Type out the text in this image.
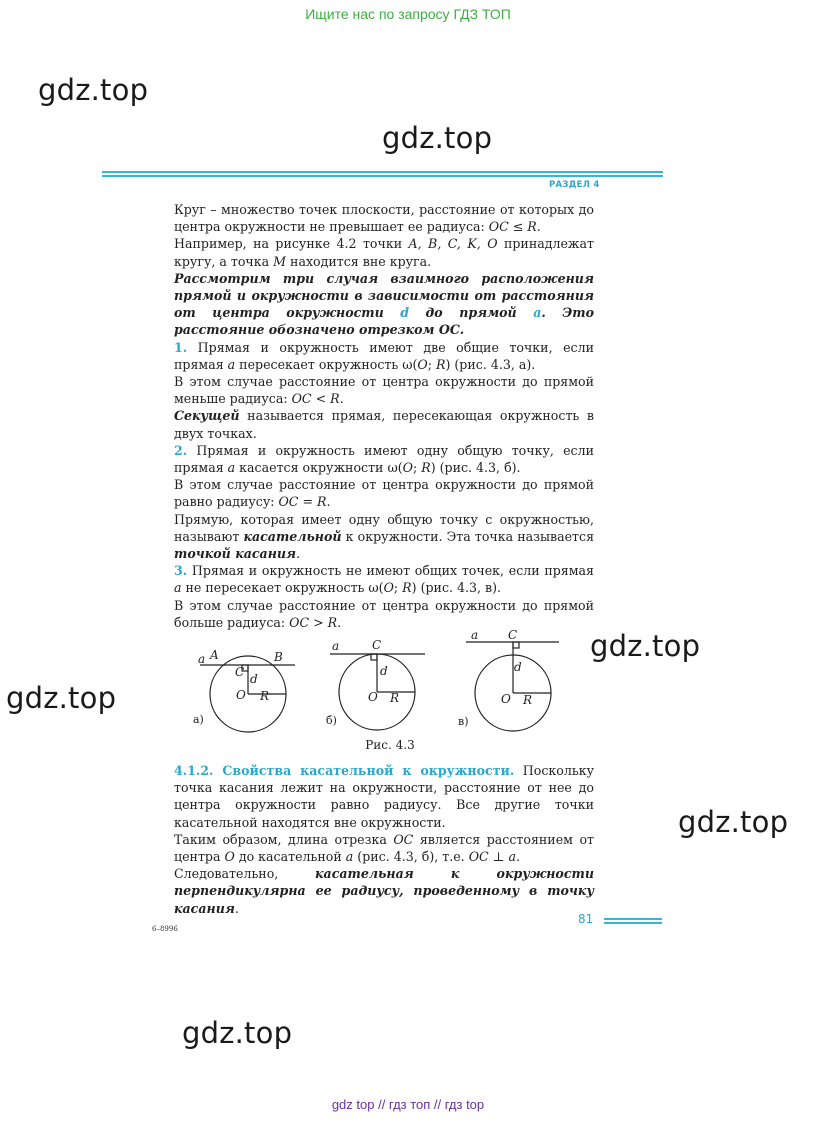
Ищите нас по запросу ГДЗ ТОП
gdz.top
gdz.top
gdz.top
gdz.top
gdz.top
gdz.top
РАЗДЕЛ 4

Круг – множество точек плоскости, расстояние от которых до центра окружности не превышает ее радиуса: OC ≤ R.

Например, на рисунке 4.2 точки A, B, C, K, O принадлежат кругу, а точка M находится вне круга.

Рассмотрим три случая взаимного расположения прямой и окружности в зависимости от расстояния от центра окружности d до прямой a. Это расстояние обозначено отрезком OC.

1. Прямая и окружность имеют две общие точки, если прямая a пересекает окружность ω(O; R) (рис. 4.3, а).

В этом случае расстояние от центра окружности до прямой меньше радиуса: OC < R.

Секущей называется прямая, пересекающая окружность в двух точках.

2. Прямая и окружность имеют одну общую точку, если прямая a касается окружности ω(O; R) (рис. 4.3, б).

В этом случае расстояние от центра окружности до прямой равно радиусу: OC = R.

Прямую, которая имеет одну общую точку с окружностью, называют касательной к окружности. Эта точка называется точкой касания.

3. Прямая и окружность не имеют общих точек, если прямая a не пересекает окружность ω(O; R) (рис. 4.3, в).

В этом случае расстояние от центра окружности до прямой больше радиуса: OC > R.

a A	B
C d
O R
а)
a	C
d
O R
б)
a C
d
O R
в)
Рис. 4.3

4.1.2. Свойства касательной к окружности. Поскольку точка касания лежит на окружности, расстояние от нее до центра окружности равно радиусу. Все другие точки касательной находятся вне окружности.

Таким образом, длина отрезка OC является расстоянием от центра O до касательной a (рис. 4.3, б), т.е. OC ⊥ a.

Следовательно, касательная к окружности перпендикулярна ее радиусу, проведенному в точку касания.

81
6–8996
gdz top // гдз топ // гдз top
